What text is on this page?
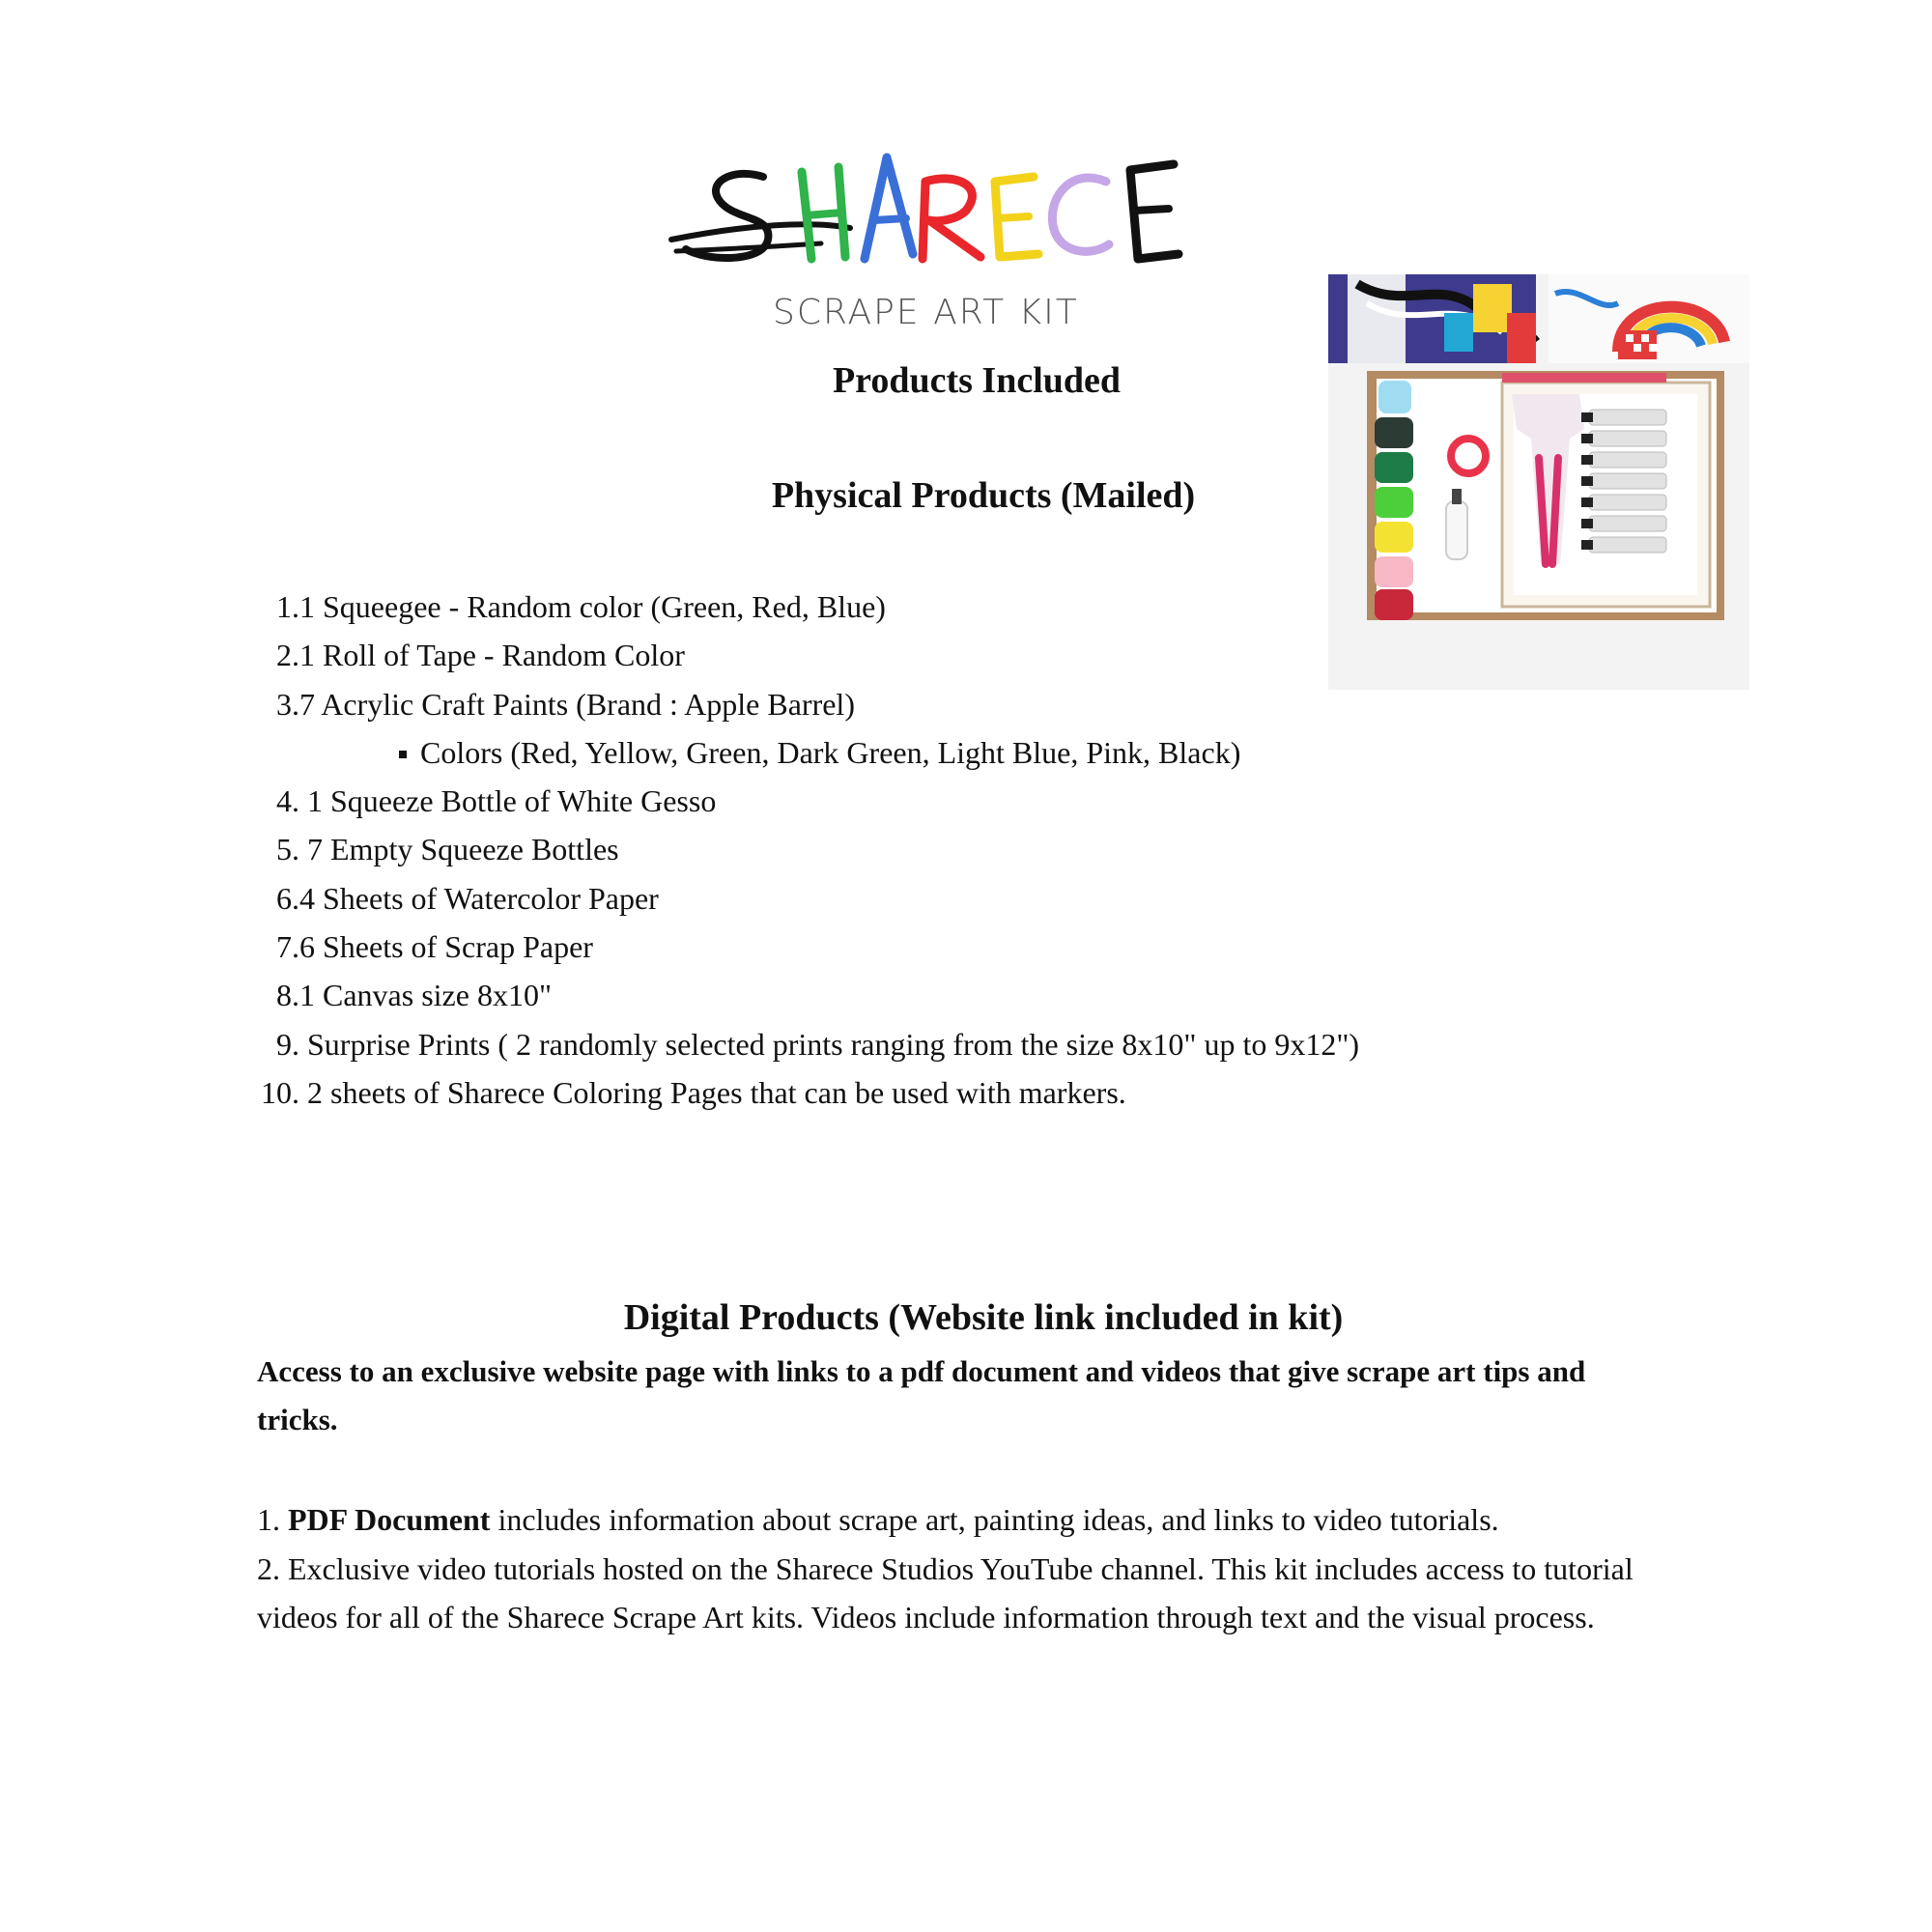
SCRAPE ART KIT
Products Included
Physical Products (Mailed)
1.1 Squeegee - Random color (Green, Red, Blue)
2.1 Roll of Tape - Random Color
3.7 Acrylic Craft Paints (Brand : Apple Barrel)
Colors (Red, Yellow, Green, Dark Green, Light Blue, Pink, Black)
4. 1 Squeeze Bottle of White Gesso
5. 7 Empty Squeeze Bottles
6.4 Sheets of Watercolor Paper
7.6 Sheets of Scrap Paper
8.1 Canvas size 8x10"
9. Surprise Prints ( 2 randomly selected prints ranging from the size 8x10" up to 9x12")
10. 2 sheets of Sharece Coloring Pages that can be used with markers.
Digital Products (Website link included in kit)
Access to an exclusive website page with links to a pdf document and videos that give scrape art tips and tricks.

1. PDF Document includes information about scrape art, painting ideas, and links to video tutorials.

2. Exclusive video tutorials hosted on the Sharece Studios YouTube channel. This kit includes access to tutorial videos for all of the Sharece Scrape Art kits. Videos include information through text and the visual process.
